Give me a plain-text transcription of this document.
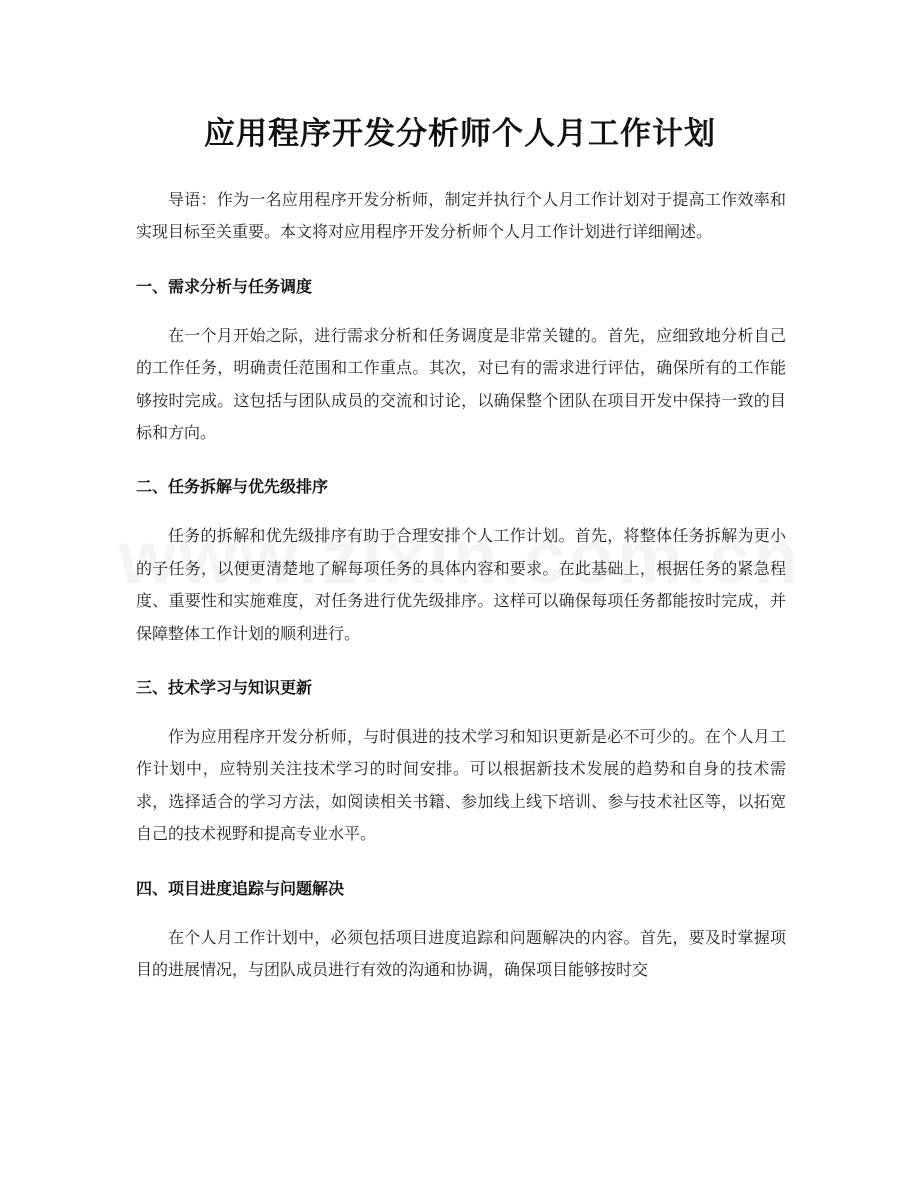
应用程序开发分析师个人月工作计划

导语：作为一名应用程序开发分析师，制定并执行个人月工作计划对于提高工作效率和实现目标至关重要。本文将对应用程序开发分析师个人月工作计划进行详细阐述。

一、需求分析与任务调度

在一个月开始之际，进行需求分析和任务调度是非常关键的。首先，应细致地分析自己的工作任务，明确责任范围和工作重点。其次，对已有的需求进行评估，确保所有的工作能够按时完成。这包括与团队成员的交流和讨论，以确保整个团队在项目开发中保持一致的目标和方向。

二、任务拆解与优先级排序

任务的拆解和优先级排序有助于合理安排个人工作计划。首先，将整体任务拆解为更小的子任务，以便更清楚地了解每项任务的具体内容和要求。在此基础上，根据任务的紧急程度、重要性和实施难度，对任务进行优先级排序。这样可以确保每项任务都能按时完成，并保障整体工作计划的顺利进行。

三、技术学习与知识更新

作为应用程序开发分析师，与时俱进的技术学习和知识更新是必不可少的。在个人月工作计划中，应特别关注技术学习的时间安排。可以根据新技术发展的趋势和自身的技术需求，选择适合的学习方法，如阅读相关书籍、参加线上线下培训、参与技术社区等，以拓宽自己的技术视野和提高专业水平。

四、项目进度追踪与问题解决

在个人月工作计划中，必须包括项目进度追踪和问题解决的内容。首先，要及时掌握项目的进展情况，与团队成员进行有效的沟通和协调，确保项目能够按时交
